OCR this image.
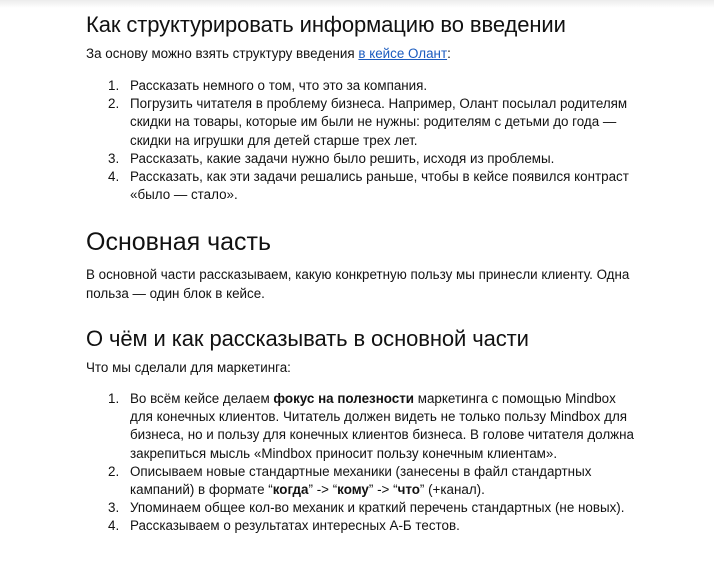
Как структурировать информацию во введении

За основу можно взять структуру введения в кейсе Олант:

1. Рассказать немного о том, что это за компания.
2. Погрузить читателя в проблему бизнеса. Например, Олант посылал родителям
скидки на товары, которые им были не нужны: родителям с детьми до года —
скидки на игрушки для детей старше трех лет.
3. Рассказать, какие задачи нужно было решить, исходя из проблемы.
4. Рассказать, как эти задачи решались раньше, чтобы в кейсе появился контраст
«было — стало».
Основная часть

В основной части рассказываем, какую конкретную пользу мы принесли клиенту. Одна
польза — один блок в кейсе.

О чём и как рассказывать в основной части

Что мы сделали для маркетинга:

1. Во всём кейсе делаем фокус на полезности маркетинга с помощью Mindbox
для конечных клиентов. Читатель должен видеть не только пользу Mindbox для
бизнеса, но и пользу для конечных клиентов бизнеса. В голове читателя должна
закрепиться мысль «Mindbox приносит пользу конечным клиентам».
2. Описываем новые стандартные механики (занесены в файл стандартных
кампаний) в формате “когда” -> “кому” -> “что” (+канал).
3. Упоминаем общее кол-во механик и краткий перечень стандартных (не новых).
4. Рассказываем о результатах интересных А-Б тестов.
